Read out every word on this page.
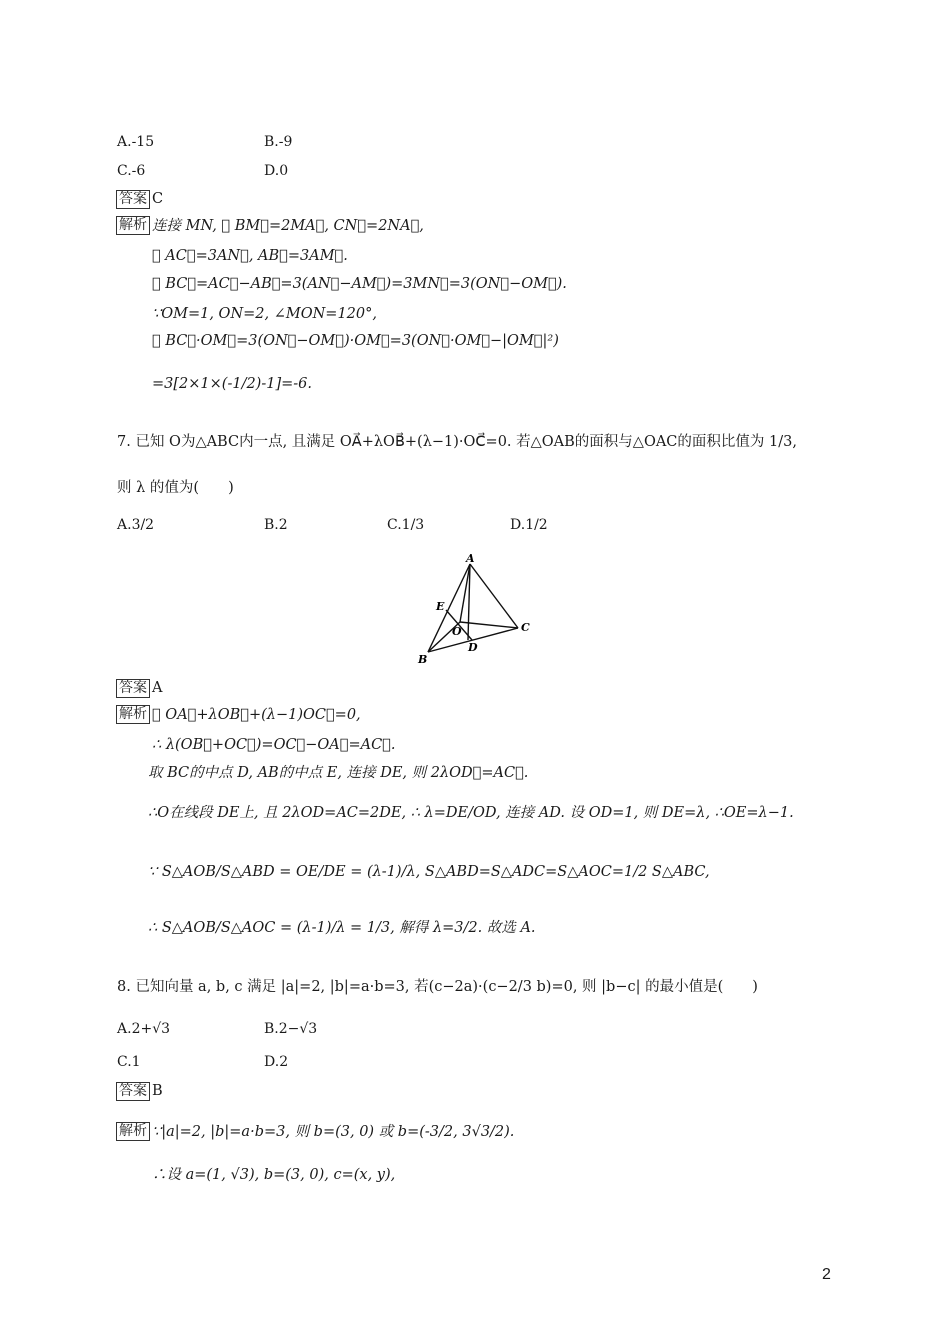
A.-15	B.-9
C.-6	D.0
答案 C
解析 连接 MN, ∵ BM⃗=2MA⃗, CN⃗=2NA⃗,
∴ AC⃗=3AN⃗, AB⃗=3AM⃗.
∴ BC⃗=AC⃗−AB⃗=3(AN⃗−AM⃗)=3MN⃗=3(ON⃗−OM⃗).
∵OM=1, ON=2, ∠MON=120°,
∴ BC⃗·OM⃗=3(ON⃗−OM⃗)·OM⃗=3(ON⃗·OM⃗−|OM⃗|²)
=3[2×1×(-1/2)-1]=-6.
7. 已知 O为△ABC内一点, 且满足 OA⃗+λOB⃗+(λ−1)·OC⃗=0. 若△OAB的面积与△OAC的面积比值为 1/3,
则 λ 的值为(　　)
A.3/2	B.2	C.1/3	D.1/2
A
E
O	C
B
D
答案 A
解析 ∵ OA⃗+λOB⃗+(λ−1)OC⃗=0,
∴ λ(OB⃗+OC⃗)=OC⃗−OA⃗=AC⃗.
取 BC的中点 D, AB的中点 E, 连接 DE, 则 2λOD⃗=AC⃗.
∴O在线段 DE上, 且 2λOD=AC=2DE, ∴ λ=DE/OD, 连接 AD. 设 OD=1, 则 DE=λ, ∴OE=λ−1.
∵ S△AOB/S△ABD = OE/DE = (λ-1)/λ, S△ABD=S△ADC=S△AOC=1/2 S△ABC,
∴ S△AOB/S△AOC = (λ-1)/λ = 1/3, 解得 λ=3/2. 故选 A.
8. 已知向量 a, b, c 满足 |a|=2, |b|=a·b=3, 若(c−2a)·(c−2/3 b)=0, 则 |b−c| 的最小值是(　　)
A.2+√3	B.2−√3
C.1	D.2
答案 B
解析 ∵|a|=2, |b|=a·b=3, 则 b=(3, 0) 或 b=(-3/2, 3√3/2).
∴设 a=(1, √3), b=(3, 0), c=(x, y),
2
